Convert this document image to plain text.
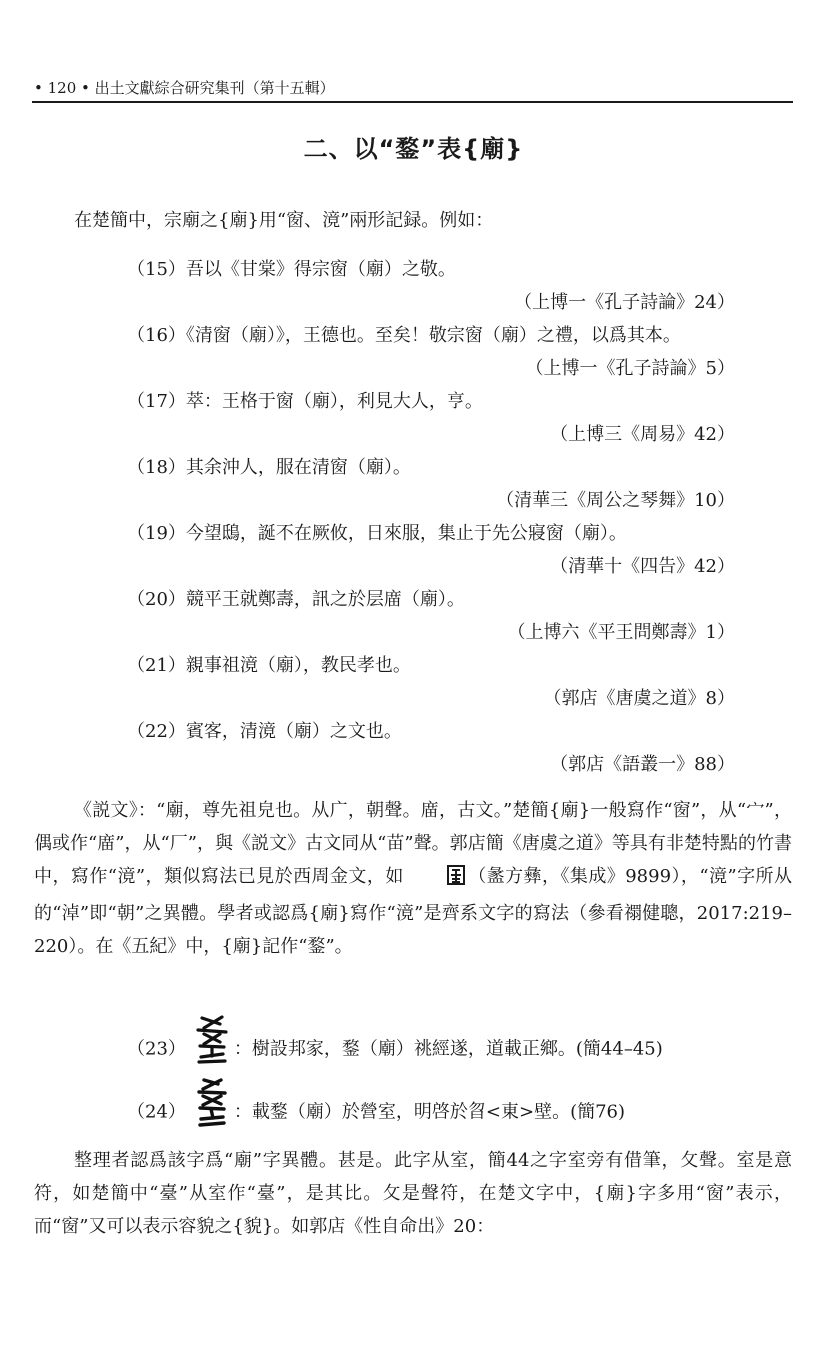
• 120 • 出土文獻綜合研究集刊（第十五輯）
二、以“鍪”表{廟}

在楚簡中，宗廟之{廟}用“窗、滰”兩形記録。例如：

（15）吾以《甘棠》得宗窗（廟）之敬。
（上博一《孔子詩論》24）
（16）《清窗（廟）》，王德也。至矣！敬宗窗（廟）之禮，以爲其本。
（上博一《孔子詩論》5）
（17）萃：王格于窗（廟），利見大人，亨。
（上博三《周易》42）
（18）其余沖人，服在清窗（廟）。
（清華三《周公之琴舞》10）
（19）今望鴟，誕不在厥攸，日來服，集止于先公寢窗（廟）。
（清華十《四告》42）
（20）競平王就鄭壽，訊之於层庿（廟）。
（上博六《平王問鄭壽》1）
（21）親事祖滰（廟），教民孝也。
（郭店《唐虞之道》8）
（22）賓客，清滰（廟）之文也。
（郭店《語叢一》88）

《説文》：“廟，尊先祖皃也。从广，朝聲。庿，古文。”楚簡{廟}一般寫作“窗”，从“宀”，偶或作“庿”，从“厂”，與《説文》古文同从“苗”聲。郭店簡《唐虞之道》等具有非楚特點的竹書中，寫作“滰”，類似寫法已見於西周金文，如	（盠方彝，《集成》9899），“滰”字所从的“淖”即“朝”之異體。學者或認爲{廟}寫作“滰”是齊系文字的寫法（參看禤健聰，2017:219–220）。在《五紀》中，{廟}記作“鍪”。

（23）	：樹設邦家，鍪（廟）祧經遂，道載正鄉。(簡44–45)
（24）	：載鍪（廟）於營室，明啓於㫚<東>壁。(簡76)

整理者認爲該字爲“廟”字異體。甚是。此字从室，簡44之字室旁有借筆，攵聲。室是意符，如楚簡中“臺”从室作“臺”，是其比。攵是聲符，在楚文字中，{廟}字多用“窗”表示，而“窗”又可以表示容貌之{貌}。如郭店《性自命出》20：
